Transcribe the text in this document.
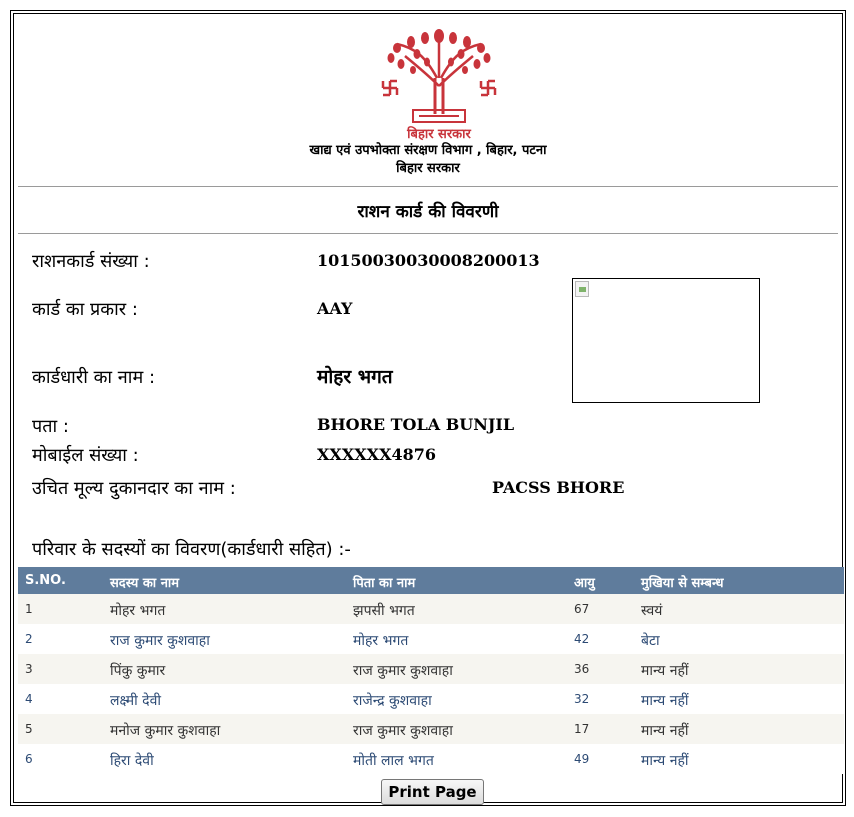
बिहार सरकार
खाद्य एवं उपभोक्ता संरक्षण विभाग , बिहार, पटना
बिहार सरकार
राशन कार्ड की विवरणी
राशनकार्ड संख्या :	10150030030008200013
कार्ड का प्रकार :	AAY
कार्डधारी का नाम :	मोहर भगत
पता :	BHORE TOLA BUNJIL
मोबाईल संख्या :	XXXXXX4876
उचित मूल्य दुकानदार का नाम :	PACSS BHORE
परिवार के सदस्यों का विवरण(कार्डधारी सहित) :-
S.NO.	सदस्य का नाम	पिता का नाम	आयु	मुखिया से सम्बन्ध
1	मोहर भगत	झपसी भगत	67	स्वयं
2	राज कुमार कुशवाहा	मोहर भगत	42	बेटा
3	पिंकु कुमार	राज कुमार कुशवाहा	36	मान्य नहीं
4	लक्ष्मी देवी	राजेन्द्र कुशवाहा	32	मान्य नहीं
5	मनोज कुमार कुशवाहा	राज कुमार कुशवाहा	17	मान्य नहीं
6	हिरा देवी	मोती लाल भगत	49	मान्य नहीं
Print Page
